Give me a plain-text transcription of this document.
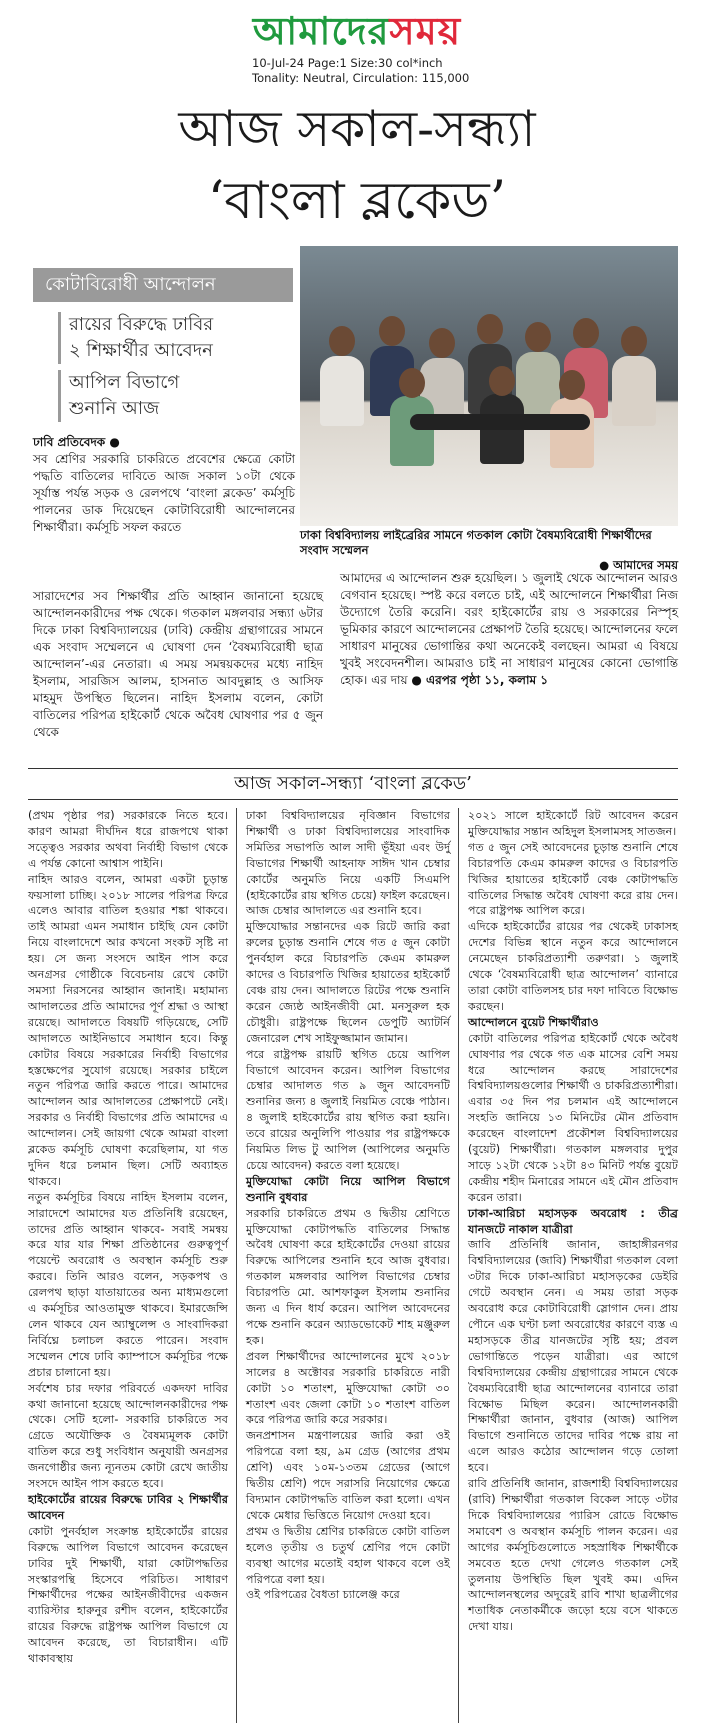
আমাদেরসময়
10-Jul-24 Page:1 Size:30 col*inch
Tonality: Neutral, Circulation: 115,000
আজ সকাল-সন্ধ্যা
‘বাংলা ব্লকেড’
কোটাবিরোধী আন্দোলন
রায়ের বিরুদ্ধে ঢাবির
২ শিক্ষার্থীর আবেদন
আপিল বিভাগে
শুনানি আজ
ঢাকা বিশ্ববিদ্যালয় লাইব্রেরির সামনে গতকাল কোটা বৈষম্যবিরোধী শিক্ষার্থীদের সংবাদ সম্মেলন
● আমাদের সময়
ঢাবি প্রতিবেদক ●
সব শ্রেণির সরকারি চাকরিতে প্রবেশের ক্ষেত্রে কোটা পদ্ধতি বাতিলের দাবিতে আজ সকাল ১০টা থেকে সূর্যাস্ত পর্যন্ত সড়ক ও রেলপথে ‘বাংলা ব্লকেড’ কর্মসূচি পালনের ডাক দিয়েছেন কোটাবিরোধী আন্দোলনের শিক্ষার্থীরা। কর্মসূচি সফল করতে
সারাদেশের সব শিক্ষার্থীর প্রতি আহ্বান জানানো হয়েছে আন্দোলনকারীদের পক্ষ থেকে। গতকাল মঙ্গলবার সন্ধ্যা ৬টার দিকে ঢাকা বিশ্ববিদ্যালয়ের (ঢাবি) কেন্দ্রীয় গ্রন্থাগারের সামনে এক সংবাদ সম্মেলনে এ ঘোষণা দেন ‘বৈষম্যবিরোধী ছাত্র আন্দোলন’-এর নেতারা। এ সময় সমন্বয়কদের মধ্যে নাহিদ ইসলাম, সারজিস আলম, হাসনাত আবদুল্লাহ ও আসিফ মাহমুদ উপস্থিত ছিলেন। নাহিদ ইসলাম বলেন, কোটা বাতিলের পরিপত্র হাইকোর্ট থেকে অবৈধ ঘোষণার পর ৫ জুন থেকে
আমাদের এ আন্দোলন শুরু হয়েছিল। ১ জুলাই থেকে আন্দোলন আরও বেগবান হয়েছে। স্পষ্ট করে বলতে চাই, এই আন্দোলনে শিক্ষার্থীরা নিজ উদ্যোগে তৈরি করেনি। বরং হাইকোর্টের রায় ও সরকারের নিস্পৃহ ভূমিকার কারণে আন্দোলনের প্রেক্ষাপট তৈরি হয়েছে। আন্দোলনের ফলে সাধারণ মানুষের ভোগান্তির কথা অনেকেই বলছেন। আমরা এ বিষয়ে খুবই সংবেদনশীল। আমরাও চাই না সাধারণ মানুষের কোনো ভোগান্তি হোক। এর দায় ● এরপর পৃষ্ঠা ১১, কলাম ১
আজ সকাল-সন্ধ্যা ‘বাংলা ব্লকেড’
(প্রথম পৃষ্ঠার পর) সরকারকে নিতে হবে। কারণ আমরা দীর্ঘদিন ধরে রাজপথে থাকা সত্ত্বেও সরকার অথবা নির্বাহী বিভাগ থেকে এ পর্যন্ত কোনো আশ্বাস পাইনি।
নাহিদ আরও বলেন, আমরা একটা চূড়ান্ত ফয়সালা চাচ্ছি। ২০১৮ সালের পরিপত্র ফিরে এলেও আবার বাতিল হওয়ার শঙ্কা থাকবে। তাই আমরা এমন সমাধান চাইছি যেন কোটা নিয়ে বাংলাদেশে আর কখনো সংকট সৃষ্টি না হয়। সে জন্য সংসদে আইন পাস করে অনগ্রসর গোষ্ঠীকে বিবেচনায় রেখে কোটা সমস্যা নিরসনের আহ্বান জানাই। মহামান্য আদালতের প্রতি আমাদের পূর্ণ শ্রদ্ধা ও আস্থা রয়েছে। আদালতে বিষয়টি গড়িয়েছে, সেটি আদালতে আইনিভাবে সমাধান হবে। কিন্তু কোটার বিষয়ে সরকারের নির্বাহী বিভাগের হস্তক্ষেপের সুযোগ রয়েছে। সরকার চাইলে নতুন পরিপত্র জারি করতে পারে। আমাদের আন্দোলন আর আদালতের প্রেক্ষাপটে নেই। সরকার ও নির্বাহী বিভাগের প্রতি আমাদের এ আন্দোলন। সেই জায়গা থেকে আমরা বাংলা ব্লকেড কর্মসূচি ঘোষণা করেছিলাম, যা গত দুদিন ধরে চলমান ছিল। সেটি অব্যাহত থাকবে।
নতুন কর্মসূচির বিষয়ে নাহিদ ইসলাম বলেন, সারাদেশে আমাদের যত প্রতিনিধি রয়েছেন, তাদের প্রতি আহ্বান থাকবে- সবাই সমন্বয় করে যার যার শিক্ষা প্রতিষ্ঠানের গুরুত্বপূর্ণ পয়েন্টে অবরোধ ও অবস্থান কর্মসূচি শুরু করবে। তিনি আরও বলেন, সড়কপথ ও রেলপথ ছাড়া যাতায়াতের অন্য মাধ্যমগুলো এ কর্মসূচির আওতামুক্ত থাকবে। ইমারজেন্সি লেন থাকবে যেন অ্যাম্বুলেন্স ও সাংবাদিকরা নির্বিঘ্নে চলাচল করতে পারেন। সংবাদ সম্মেলন শেষে ঢাবি ক্যাম্পাসে কর্মসূচির পক্ষে প্রচার চালানো হয়।
সর্বশেষ চার দফার পরিবর্তে একদফা দাবির কথা জানানো হয়েছে আন্দোলনকারীদের পক্ষ থেকে। সেটি হলো- সরকারি চাকরিতে সব গ্রেডে অযৌক্তিক ও বৈষম্যমূলক কোটা বাতিল করে শুধু সংবিধান অনুযায়ী অনগ্রসর জনগোষ্ঠীর জন্য ন্যূনতম কোটা রেখে জাতীয় সংসদে আইন পাস করতে হবে।
হাইকোর্টের রায়ের বিরুদ্ধে ঢাবির ২ শিক্ষার্থীর আবেদন
কোটা পুনর্বহাল সংক্রান্ত হাইকোর্টের রায়ের বিরুদ্ধে আপিল বিভাগে আবেদন করেছেন ঢাবির দুই শিক্ষার্থী, যারা কোটাপদ্ধতির সংস্কারপন্থি হিসেবে পরিচিত। সাধারণ শিক্ষার্থীদের পক্ষের আইনজীবীদের একজন ব্যারিস্টার হারুনুর রশীদ বলেন, হাইকোর্টের রায়ের বিরুদ্ধে রাষ্ট্রপক্ষ আপিল বিভাগে যে আবেদন করেছে, তা বিচারাধীন। এটি থাকাবস্থায়
ঢাকা বিশ্ববিদ্যালয়ের নৃবিজ্ঞান বিভাগের শিক্ষার্থী ও ঢাকা বিশ্ববিদ্যালয়ের সাংবাদিক সমিতির সভাপতি আল সাদী ভূঁইয়া এবং উর্দু বিভাগের শিক্ষার্থী আহনাফ সাঈদ খান চেম্বার কোর্টের অনুমতি নিয়ে একটি সিএমপি (হাইকোর্টের রায় স্থগিত চেয়ে) ফাইল করেছেন। আজ চেম্বার আদালতে এর শুনানি হবে।
মুক্তিযোদ্ধার সন্তানদের এক রিটে জারি করা রুলের চূড়ান্ত শুনানি শেষে গত ৫ জুন কোটা পুনর্বহাল করে বিচারপতি কেএম কামরুল কাদের ও বিচারপতি খিজির হায়াতের হাইকোর্ট বেঞ্চ রায় দেন। আদালতে রিটের পক্ষে শুনানি করেন জ্যেষ্ঠ আইনজীবী মো. মনসুরুল হক চৌধুরী। রাষ্ট্রপক্ষে ছিলেন ডেপুটি অ্যাটর্নি জেনারেল শেখ সাইফুজ্জামান জামান।
পরে রাষ্ট্রপক্ষ রায়টি স্থগিত চেয়ে আপিল বিভাগে আবেদন করেন। আপিল বিভাগের চেম্বার আদালত গত ৯ জুন আবেদনটি শুনানির জন্য ৪ জুলাই নিয়মিত বেঞ্চে পাঠান। ৪ জুলাই হাইকোর্টের রায় স্থগিত করা হয়নি। তবে রায়ের অনুলিপি পাওয়ার পর রাষ্ট্রপক্ষকে নিয়মিত লিভ টু আপিল (আপিলের অনুমতি চেয়ে আবেদন) করতে বলা হয়েছে।
মুক্তিযোদ্ধা কোটা নিয়ে আপিল বিভাগে শুনানি বুধবার
সরকারি চাকরিতে প্রথম ও দ্বিতীয় শ্রেণিতে মুক্তিযোদ্ধা কোটাপদ্ধতি বাতিলের সিদ্ধান্ত অবৈধ ঘোষণা করে হাইকোর্টের দেওয়া রায়ের বিরুদ্ধে আপিলের শুনানি হবে আজ বুধবার। গতকাল মঙ্গলবার আপিল বিভাগের চেম্বার বিচারপতি মো. আশফাকুল ইসলাম শুনানির জন্য এ দিন ধার্য করেন। আপিল আবেদনের পক্ষে শুনানি করেন অ্যাডভোকেট শাহ মঞ্জুরুল হক।
প্রবল শিক্ষার্থীদের আন্দোলনের মুখে ২০১৮ সালের ৪ অক্টোবর সরকারি চাকরিতে নারী কোটা ১০ শতাংশ, মুক্তিযোদ্ধা কোটা ৩০ শতাংশ এবং জেলা কোটা ১০ শতাংশ বাতিল করে পরিপত্র জারি করে সরকার।
জনপ্রশাসন মন্ত্রণালয়ের জারি করা ওই পরিপত্রে বলা হয়, ৯ম গ্রেড (আগের প্রথম শ্রেণি) এবং ১০ম-১৩তম গ্রেডের (আগে দ্বিতীয় শ্রেণি) পদে সরাসরি নিয়োগের ক্ষেত্রে বিদ্যমান কোটাপদ্ধতি বাতিল করা হলো। এখন থেকে মেধার ভিত্তিতে নিয়োগ দেওয়া হবে।
প্রথম ও দ্বিতীয় শ্রেণির চাকরিতে কোটা বাতিল হলেও তৃতীয় ও চতুর্থ শ্রেণির পদে কোটা ব্যবস্থা আগের মতোই বহাল থাকবে বলে ওই পরিপত্রে বলা হয়।
ওই পরিপত্রের বৈধতা চ্যালেঞ্জ করে
২০২১ সালে হাইকোর্টে রিট আবেদন করেন মুক্তিযোদ্ধার সন্তান অহিদুল ইসলামসহ সাতজন।
গত ৫ জুন সেই আবেদনের চূড়ান্ত শুনানি শেষে বিচারপতি কেএম কামরুল কাদের ও বিচারপতি খিজির হায়াতের হাইকোর্ট বেঞ্চ কোটাপদ্ধতি বাতিলের সিদ্ধান্ত অবৈধ ঘোষণা করে রায় দেন। পরে রাষ্ট্রপক্ষ আপিল করে।
এদিকে হাইকোর্টের রায়ের পর থেকেই ঢাকাসহ দেশের বিভিন্ন স্থানে নতুন করে আন্দোলনে নেমেছেন চাকরিপ্রত্যাশী তরুণরা। ১ জুলাই থেকে ‘বৈষম্যবিরোধী ছাত্র আন্দোলন’ ব্যানারে তারা কোটা বাতিলসহ চার দফা দাবিতে বিক্ষোভ করছেন।
আন্দোলনে বুয়েট শিক্ষার্থীরাও
কোটা বাতিলের পরিপত্র হাইকোর্ট থেকে অবৈধ ঘোষণার পর থেকে গত এক মাসের বেশি সময় ধরে আন্দোলন করছে সারাদেশের বিশ্ববিদ্যালয়গুলোর শিক্ষার্থী ও চাকরিপ্রত্যাশীরা। এবার ৩৫ দিন পর চলমান এই আন্দোলনে সংহতি জানিয়ে ১৩ মিনিটের মৌন প্রতিবাদ করেছেন বাংলাদেশ প্রকৌশল বিশ্ববিদ্যালয়ের (বুয়েট) শিক্ষার্থীরা। গতকাল মঙ্গলবার দুপুর সাড়ে ১২টা থেকে ১২টা ৪৩ মিনিট পর্যন্ত বুয়েট কেন্দ্রীয় শহীদ মিনারের সামনে এই মৌন প্রতিবাদ করেন তারা।
ঢাকা-আরিচা মহাসড়ক অবরোধ : তীব্র যানজটে নাকাল যাত্রীরা
জাবি প্রতিনিধি জানান, জাহাঙ্গীরনগর বিশ্ববিদ্যালয়ের (জাবি) শিক্ষার্থীরা গতকাল বেলা ৩টার দিকে ঢাকা-আরিচা মহাসড়কের ডেইরি গেটে অবস্থান নেন। এ সময় তারা সড়ক অবরোধ করে কোটাবিরোধী স্লোগান দেন। প্রায় পৌনে এক ঘণ্টা চলা অবরোধের কারণে ব্যস্ত এ মহাসড়কে তীব্র যানজটের সৃষ্টি হয়; প্রবল ভোগান্তিতে পড়েন যাত্রীরা। এর আগে বিশ্ববিদ্যালয়ের কেন্দ্রীয় গ্রন্থাগারের সামনে থেকে বৈষম্যবিরোধী ছাত্র আন্দোলনের ব্যানারে তারা বিক্ষোভ মিছিল করেন। আন্দোলনকারী শিক্ষার্থীরা জানান, বুধবার (আজ) আপিল বিভাগে শুনানিতে তাদের দাবির পক্ষে রায় না এলে আরও কঠোর আন্দোলন গড়ে তোলা হবে।
রাবি প্রতিনিধি জানান, রাজশাহী বিশ্ববিদ্যালয়ের (রাবি) শিক্ষার্থীরা গতকাল বিকেল সাড়ে ৩টার দিকে বিশ্ববিদ্যালয়ের প্যারিস রোডে বিক্ষোভ সমাবেশ ও অবস্থান কর্মসূচি পালন করেন। এর আগের কর্মসূচিগুলোতে সহস্রাধিক শিক্ষার্থীকে সমবেত হতে দেখা গেলেও গতকাল সেই তুলনায় উপস্থিতি ছিল খুবই কম। এদিন আন্দোলনস্থলের অদূরেই রাবি শাখা ছাত্রলীগের শতাধিক নেতাকর্মীকে জড়ো হয়ে বসে থাকতে দেখা যায়।
